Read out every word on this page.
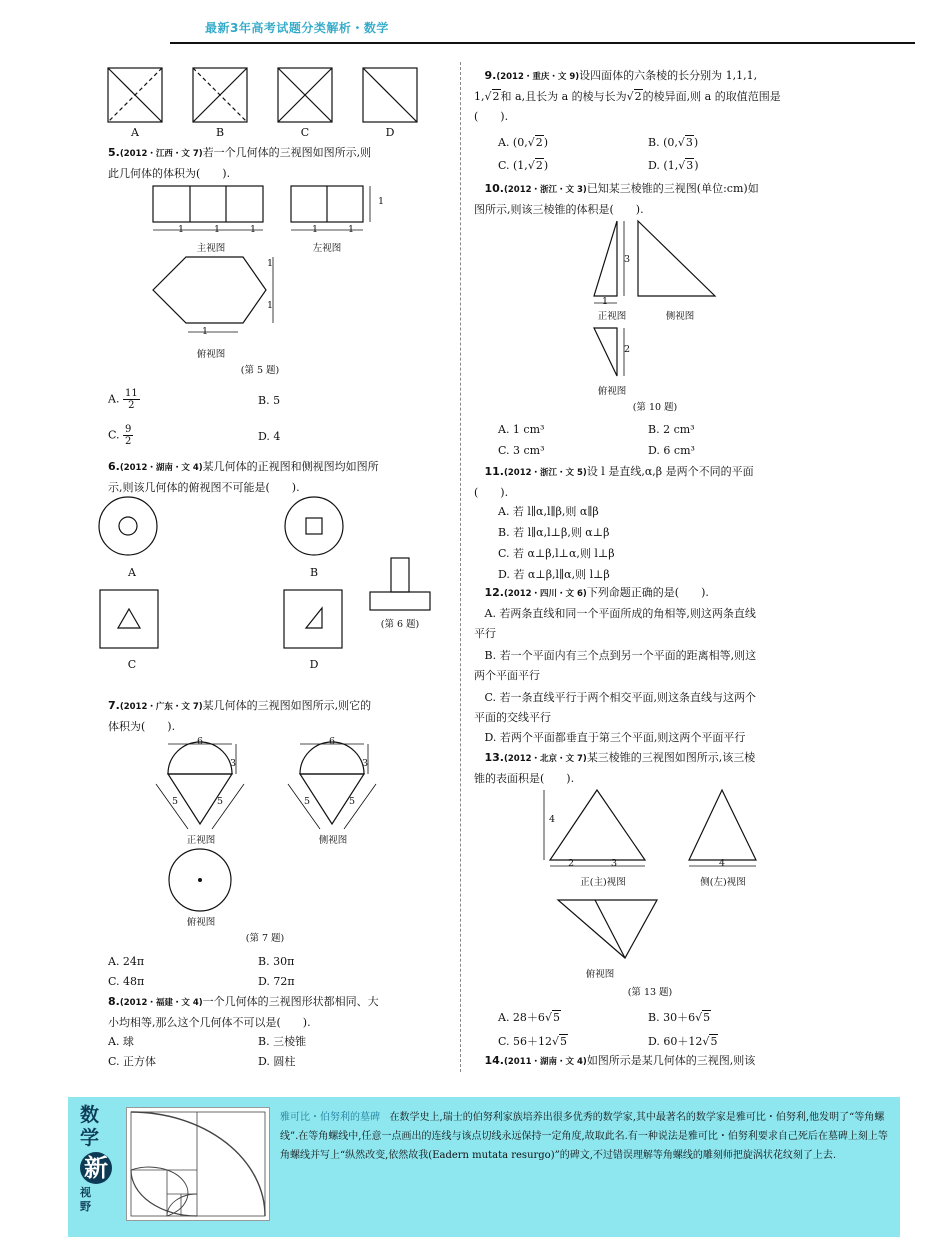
最新3年高考试题分类解析・数学
A	B	C	D
5.(2012・江西・文 7)若一个几何体的三视图如图所示,则
此几何体的体积为(　　).
1	1	1	1	1
1
1
1
1
主视图	左视图
俯视图
(第 5 题)
A. $\frac{11}{2}$	B. 5
C. $\frac{9}{2}$	D. 4
6.(2012・湖南・文 4)某几何体的正视图和侧视图均如图所
示,则该几何体的俯视图不可能是(　　).
A	B
C	D
(第 6 题)
7.(2012・广东・文 7)某几何体的三视图如图所示,则它的
体积为(　　).
6	6
3	3
5	5	5	5
正视图	侧视图
俯视图
(第 7 题)
A. 24π	B. 30π
C. 48π	D. 72π
8.(2012・福建・文 4)一个几何体的三视图形状都相同、大
小均相等,那么这个几何体不可以是(　　).
A. 球	B. 三棱锥
C. 正方体	D. 圆柱
9.(2012・重庆・文 9)设四面体的六条棱的长分别为 1,1,1,
1,√2和 a,且长为 a 的棱与长为√2的棱异面,则 a 的取值范围是
(　　).
A. (0,√2)	B. (0,√3)
C. (1,√2)	D. (1,√3)
10.(2012・浙江・文 3)已知某三棱锥的三视图(单位:cm)如
图所示,则该三棱锥的体积是(　　).
3
1
2
正视图	侧视图
俯视图
(第 10 题)
A. 1 cm³	B. 2 cm³
C. 3 cm³	D. 6 cm³
11.(2012・浙江・文 5)设 l 是直线,α,β 是两个不同的平面
(　　).
A. 若 l∥α,l∥β,则 α∥β
B. 若 l∥α,l⊥β,则 α⊥β
C. 若 α⊥β,l⊥α,则 l⊥β
D. 若 α⊥β,l∥α,则 l⊥β
12.(2012・四川・文 6)下列命题正确的是(　　).
A. 若两条直线和同一个平面所成的角相等,则这两条直线
平行
B. 若一个平面内有三个点到另一个平面的距离相等,则这
两个平面平行
C. 若一条直线平行于两个相交平面,则这条直线与这两个
平面的交线平行
D. 若两个平面都垂直于第三个平面,则这两个平面平行
13.(2012・北京・文 7)某三棱锥的三视图如图所示,该三棱
锥的表面积是(　　).
4
2	3	4
正(主)视图	侧(左)视图
俯视图
(第 13 题)
A. 28＋6√5	B. 30＋6√5
C. 56＋12√5	D. 60＋12√5
14.(2011・湖南・文 4)如图所示是某几何体的三视图,则该
数
学
新
视
野
雅可比・伯努利的墓碑 在数学史上,瑞士的伯努利家族培养出很多优秀的数学家,其中最著名的数学家是雅可比・伯努利,他发明了“等角螺线”.在等角螺线中,任意一点画出的连线与该点切线永远保持一定角度,故取此名.有一种说法是雅可比・伯努利要求自己死后在墓碑上刻上等角螺线并写上“纵然改变,依然故我(Eadern mutata resurgo)”的碑文,不过错误理解等角螺线的雕刻师把旋涡状花纹刻了上去.
